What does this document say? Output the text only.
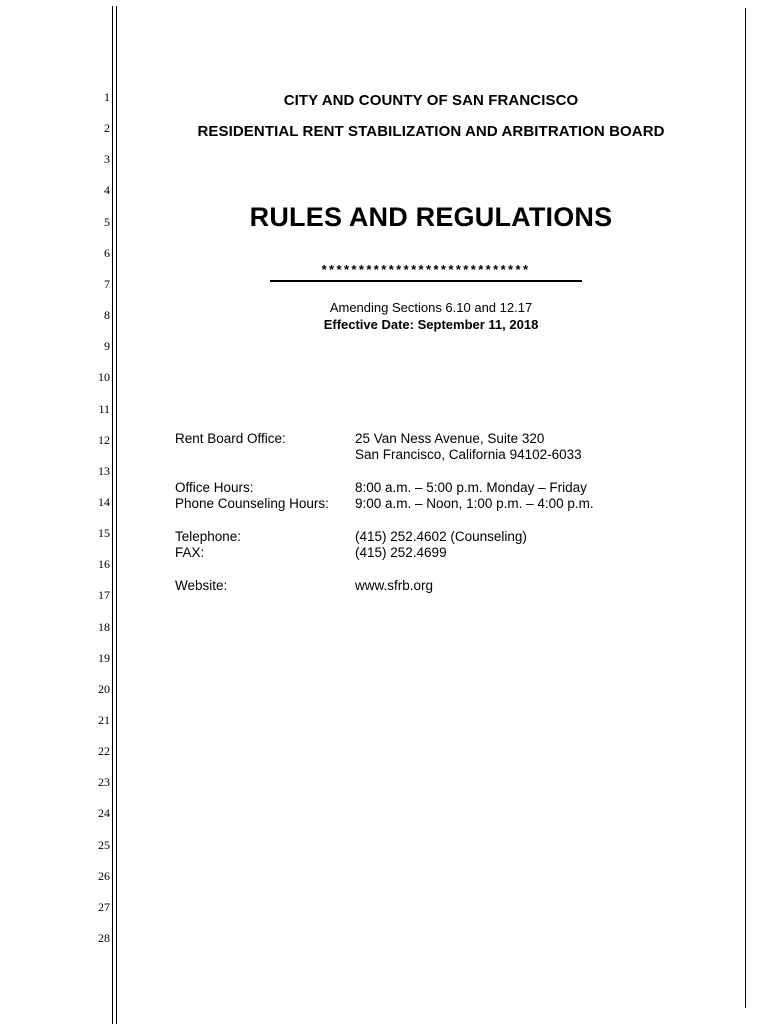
1
2
3
4
5
6
7
8
9
10
11
12
13
14
15
16
17
18
19
20
21
22
23
24
25
26
27
28
CITY AND COUNTY OF SAN FRANCISCO
RESIDENTIAL RENT STABILIZATION AND ARBITRATION BOARD
RULES AND REGULATIONS
****************************
Amending Sections 6.10 and 12.17
Effective Date: September 11, 2018
Rent Board Office:	25 Van Ness Avenue, Suite 320
San Francisco, California 94102-6033
Office Hours:	8:00 a.m. – 5:00 p.m. Monday – Friday
Phone Counseling Hours: 9:00 a.m. – Noon, 1:00 p.m. – 4:00 p.m.
Telephone:	(415) 252.4602 (Counseling)
FAX:	(415) 252.4699
Website:	www.sfrb.org
